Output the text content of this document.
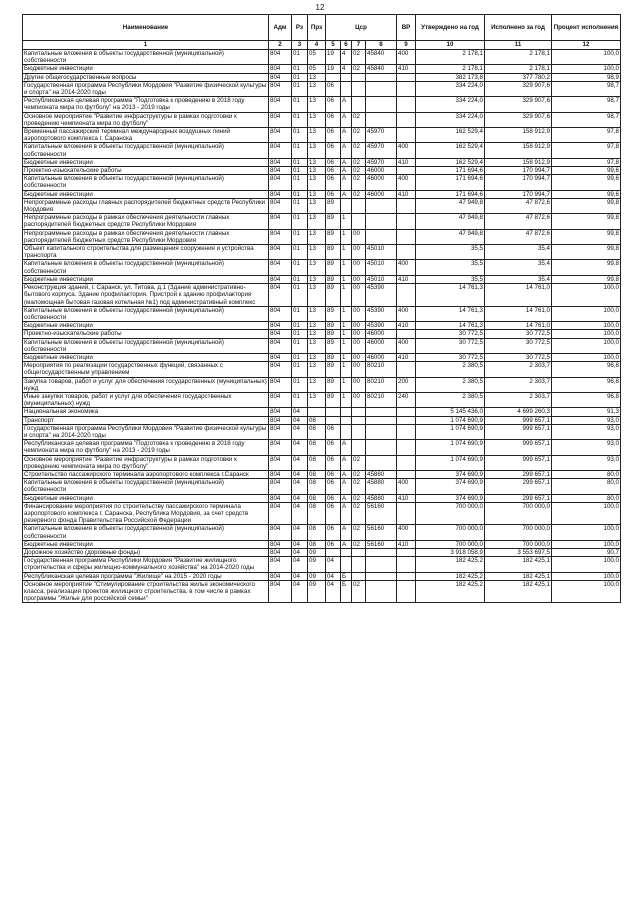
12
Наименование	Адм	Рз	Прз	Цср				ВР	Утверждено на год	Исполнено за год	Процент исполнения
1	2	3	4	5	6	7	8	9	10	11	12
Капитальные вложения в объекты государственной (муниципальной) собственности	804	01	05	19	4	02	45840	400	2 178,1	2 178,1	100,0
Бюджетные инвестиции	804	01	05	19	4	02	45840	410	2 178,1	2 178,1	100,0
Другие общегосударственные вопросы	804	01	13						382 173,8	377 780,2	98,9
Государственная программа Республики Мордовия "Развитие физической культуры и спорта" на 2014-2020 годы	804	01	13	06					334 224,0	329 907,6	98,7
Республиканская целевая программа "Подготовка к проведению в 2018 году чемпионата мира по футболу" на 2013 - 2019 годы	804	01	13	06	А				334 224,0	329 907,6	98,7
Основное мероприятие "Развитие инфраструктуры в рамках подготовки к проведению чемпионата мира по футболу"	804	01	13	06	А	02			334 224,0	329 907,6	98,7
Временный пассажирский терминал международных воздушных линий аэропортового комплекса г. Саранска	804	01	13	06	А	02	45970		162 529,4	158 912,9	97,8
Капитальные вложения в объекты государственной (муниципальной) собственности	804	01	13	06	А	02	45970	400	162 529,4	158 912,9	97,8
Бюджетные инвестиции	804	01	13	06	А	02	45970	410	162 529,4	158 912,9	97,8
Проектно-изыскательские работы	804	01	13	06	А	02	46000		171 694,6	170 994,7	99,6
Капитальные вложения в объекты государственной (муниципальной) собственности	804	01	13	06	А	02	46000	400	171 694,6	170 994,7	99,6
Бюджетные инвестиции	804	01	13	06	А	02	46000	410	171 694,6	170 994,7	99,6
Непрограммные расходы главных распорядителей бюджетных средств Республики Мордовия	804	01	13	89					47 949,8	47 872,6	99,8
Непрограммные расходы в рамках обеспечения деятельности главных распорядителей бюджетных средств Республики Мордовия	804	01	13	89	1				47 949,8	47 872,6	99,8
Непрограммные расходы в рамках обеспечения деятельности главных распорядителей бюджетных средств Республики Мордовия	804	01	13	89	1	00			47 949,8	47 872,6	99,8
Объект капитального строительства для размещения сооружения и устройства транспорта	804	01	13	89	1	00	45010		35,5	35,4	99,8
Капитальные вложения в объекты государственной (муниципальной) собственности	804	01	13	89	1	00	45010	400	35,5	35,4	99,8
Бюджетные инвестиции	804	01	13	89	1	00	45010	410	35,5	35,4	99,8
Реконструкция зданий, г. Саранск, ул. Титова, д.1 (Здание административно-бытового корпуса. Здание профилактория. Пристрой к зданию профилактория (маломощная бытовая газовая котельная №1) под административный комплекс	804	01	13	89	1	00	45390		14 761,3	14 761,0	100,0
Капитальные вложения в объекты государственной (муниципальной) собственности	804	01	13	89	1	00	45390	400	14 761,3	14 761,0	100,0
Бюджетные инвестиции	804	01	13	89	1	00	45390	410	14 761,3	14 761,0	100,0
Проектно-изыскательские работы	804	01	13	89	1	00	46000		30 772,5	30 772,5	100,0
Капитальные вложения в объекты государственной (муниципальной) собственности	804	01	13	89	1	00	46000	400	30 772,5	30 772,5	100,0
Бюджетные инвестиции	804	01	13	89	1	00	46000	410	30 772,5	30 772,5	100,0
Мероприятия по реализации государственных функций, связанных с общегосударственным управлением	804	01	13	89	1	00	80210		2 380,5	2 303,7	96,8
Закупка товаров, работ и услуг для обеспечения государственных (муниципальных) нужд	804	01	13	89	1	00	80210	200	2 380,5	2 303,7	96,8
Иные закупки товаров, работ и услуг для обеспечения государственных (муниципальных) нужд	804	01	13	89	1	00	80210	240	2 380,5	2 303,7	96,8
Национальная экономика	804	04							5 145 436,0	4 699 260,3	91,3
Транспорт	804	04	08						1 074 690,9	999 657,1	93,0
Государственная программа Республики Мордовия "Развитие физической культуры и спорта" на 2014-2020 годы	804	04	08	06					1 074 690,9	999 657,1	93,0
Республиканская целевая программа "Подготовка к проведению в 2018 году чемпионата мира по футболу" на 2013 - 2019 годы	804	04	08	06	А				1 074 690,9	999 657,1	93,0
Основное мероприятие "Развитие инфраструктуры в рамках подготовки к проведению чемпионата мира по футболу"	804	04	08	06	А	02			1 074 690,9	999 657,1	93,0
Строительство пассажирского терминала аэропортового комплекса г.Саранск	804	04	08	06	А	02	45880		374 690,9	299 657,1	80,0
Капитальные вложения в объекты государственной (муниципальной) собственности	804	04	08	06	А	02	45880	400	374 690,9	299 657,1	80,0
Бюджетные инвестиции	804	04	08	06	А	02	45880	410	374 690,9	299 657,1	80,0
Финансирование мероприятия по строительству пассажирского терминала аэропортового комплекса г. Саранска, Республика Мордовия, за счет средств резервного фонда Правительства Российской Федерации	804	04	08	06	А	02	56160		700 000,0	700 000,0	100,0
Капитальные вложения в объекты государственной (муниципальной) собственности	804	04	08	06	А	02	56160	400	700 000,0	700 000,0	100,0
Бюджетные инвестиции	804	04	08	06	А	02	56160	410	700 000,0	700 000,0	100,0
Дорожное хозяйство (дорожные фонды)	804	04	09						3 918 058,9	3 553 697,5	90,7
Государственная программа Республики Мордовия "Развитие жилищного строительства и сферы жилищно-коммунального хозяйства" на 2014-2020 годы	804	04	09	04					182 425,2	182 425,1	100,0
Республиканская целевая программа "Жилище" на 2015 - 2020 годы	804	04	09	04	Б				182 425,2	182 425,1	100,0
Основное мероприятие "Стимулирование строительства жилья экономического класса, реализация проектов жилищного строительства, в том числе в рамках программы "Жилье для российской семьи"	804	04	09	04	Б	02			182 425,2	182 425,1	100,0
